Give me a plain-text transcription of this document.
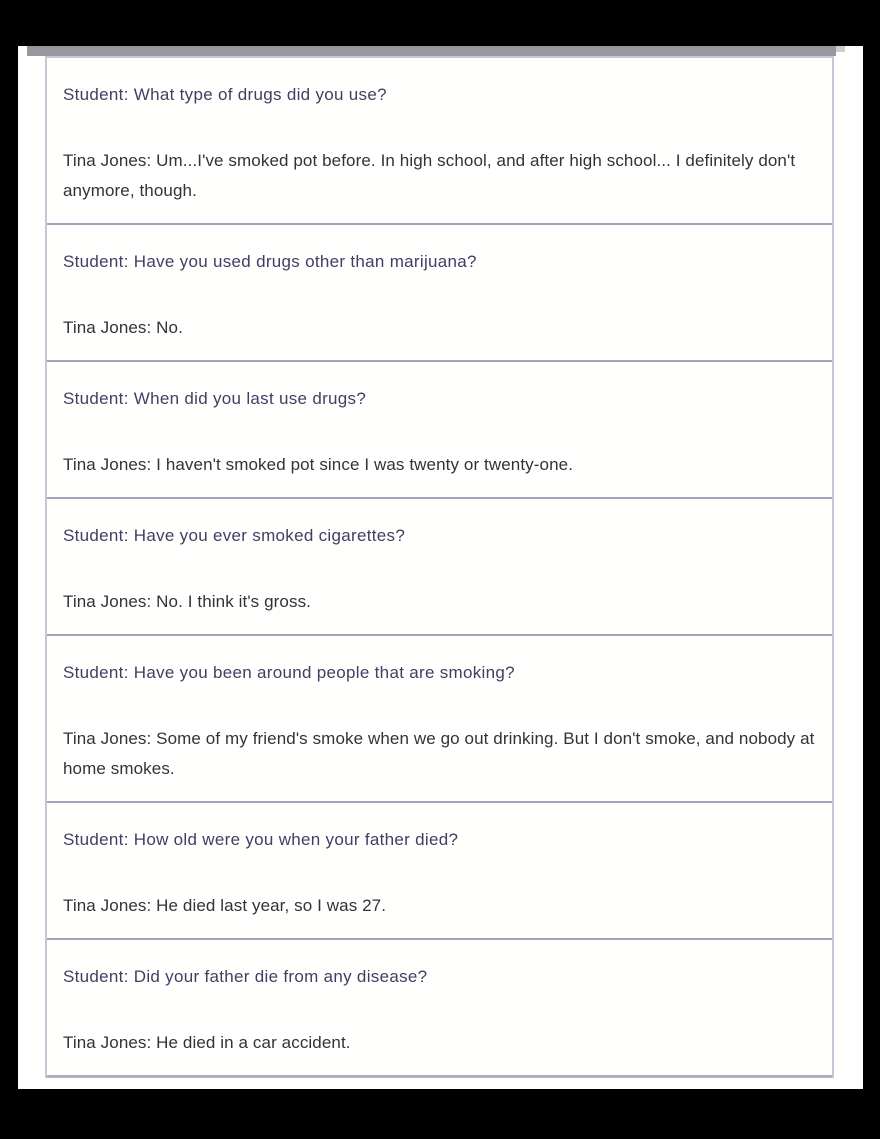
Student: What type of drugs did you use?

Tina Jones: Um...I've smoked pot before. In high school, and after high school... I definitely don't anymore, though.

Student: Have you used drugs other than marijuana?

Tina Jones: No.

Student: When did you last use drugs?

Tina Jones: I haven't smoked pot since I was twenty or twenty-one.

Student: Have you ever smoked cigarettes?

Tina Jones: No. I think it's gross.

Student: Have you been around people that are smoking?

Tina Jones: Some of my friend's smoke when we go out drinking. But I don't smoke, and nobody at home smokes.

Student: How old were you when your father died?

Tina Jones: He died last year, so I was 27.

Student: Did your father die from any disease?

Tina Jones: He died in a car accident.
